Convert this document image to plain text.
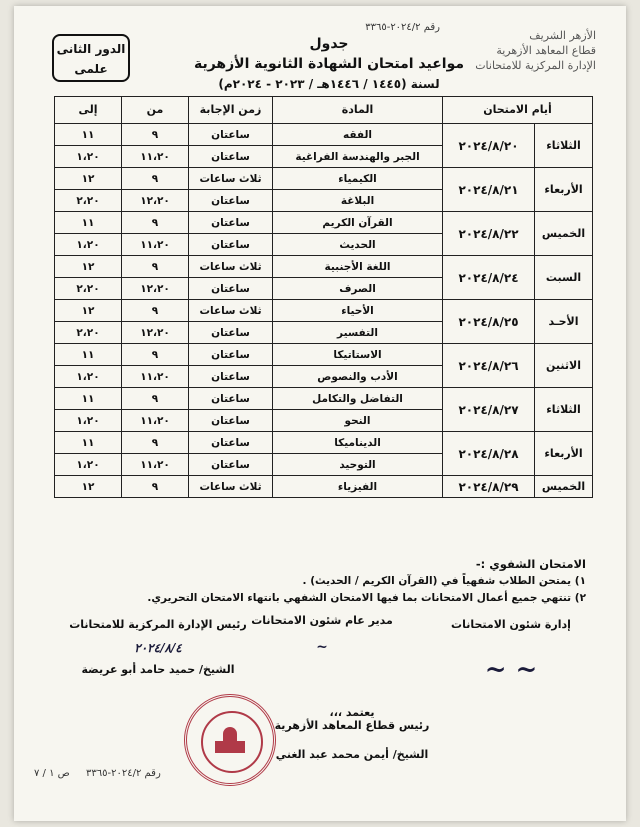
رقم ٢٠٢٤/٢-٣٣٦٥
الأزهر الشريف
قطاع المعاهد الأزهرية
الإدارة المركزية للامتحانات
جدول
مواعيد امتحان الشهادة الثانوية الأزهرية
لسنة (١٤٤٥ / ١٤٤٦هـ / ٢٠٢٣ - ٢٠٢٤م)
الدور الثانى
علمى
أيام الامتحان		المادة	زمن الإجابة	من	إلى
الثلاثاء	٢٠٢٤/٨/٢٠	الفقه	ساعتان	٩	١١
		الجبر والهندسة الفراغية	ساعتان	١١،٢٠	١،٢٠
الأربعاء	٢٠٢٤/٨/٢١	الكيمياء	ثلاث ساعات	٩	١٢
		البلاغة	ساعتان	١٢،٢٠	٢،٢٠
الخميس	٢٠٢٤/٨/٢٢	القرآن الكريم	ساعتان	٩	١١
		الحديث	ساعتان	١١،٢٠	١،٢٠
السبت	٢٠٢٤/٨/٢٤	اللغة الأجنبية	ثلاث ساعات	٩	١٢
		الصرف	ساعتان	١٢،٢٠	٢،٢٠
الأحـد	٢٠٢٤/٨/٢٥	الأحياء	ثلاث ساعات	٩	١٢
		التفسير	ساعتان	١٢،٢٠	٢،٢٠
الاثنين	٢٠٢٤/٨/٢٦	الاستاتيكا	ساعتان	٩	١١
		الأدب والنصوص	ساعتان	١١،٢٠	١،٢٠
الثلاثاء	٢٠٢٤/٨/٢٧	التفاضل والتكامل	ساعتان	٩	١١
		النحو	ساعتان	١١،٢٠	١،٢٠
الأربعاء	٢٠٢٤/٨/٢٨	الديناميكا	ساعتان	٩	١١
		التوحيد	ساعتان	١١،٢٠	١،٢٠
الخميس	٢٠٢٤/٨/٢٩	الفيزياء	ثلاث ساعات	٩	١٢
الامتحان الشفوي :-
١) يمتحن الطلاب شفهياً في (القرآن الكريم / الحديث) .
٢) تنتهي جميع أعمال الامتحانات بما فيها الامتحان الشفهي بانتهاء الامتحان التحريري.
إدارة شئون الامتحانات
~ ~
مدير عام شئون الامتحانات
~
رئيس الإدارة المركزية للامتحانات
٢٠٢٤/٨/٤
الشيخ/ حميد حامد أبو عريضة
يعتمد ،،،
رئيس قطاع المعاهد الأزهرية
الشيخ/ أيمن محمد عبد الغني
رقم ٢٠٢٤/٢-٣٣٦٥
ص ١ / ٧
